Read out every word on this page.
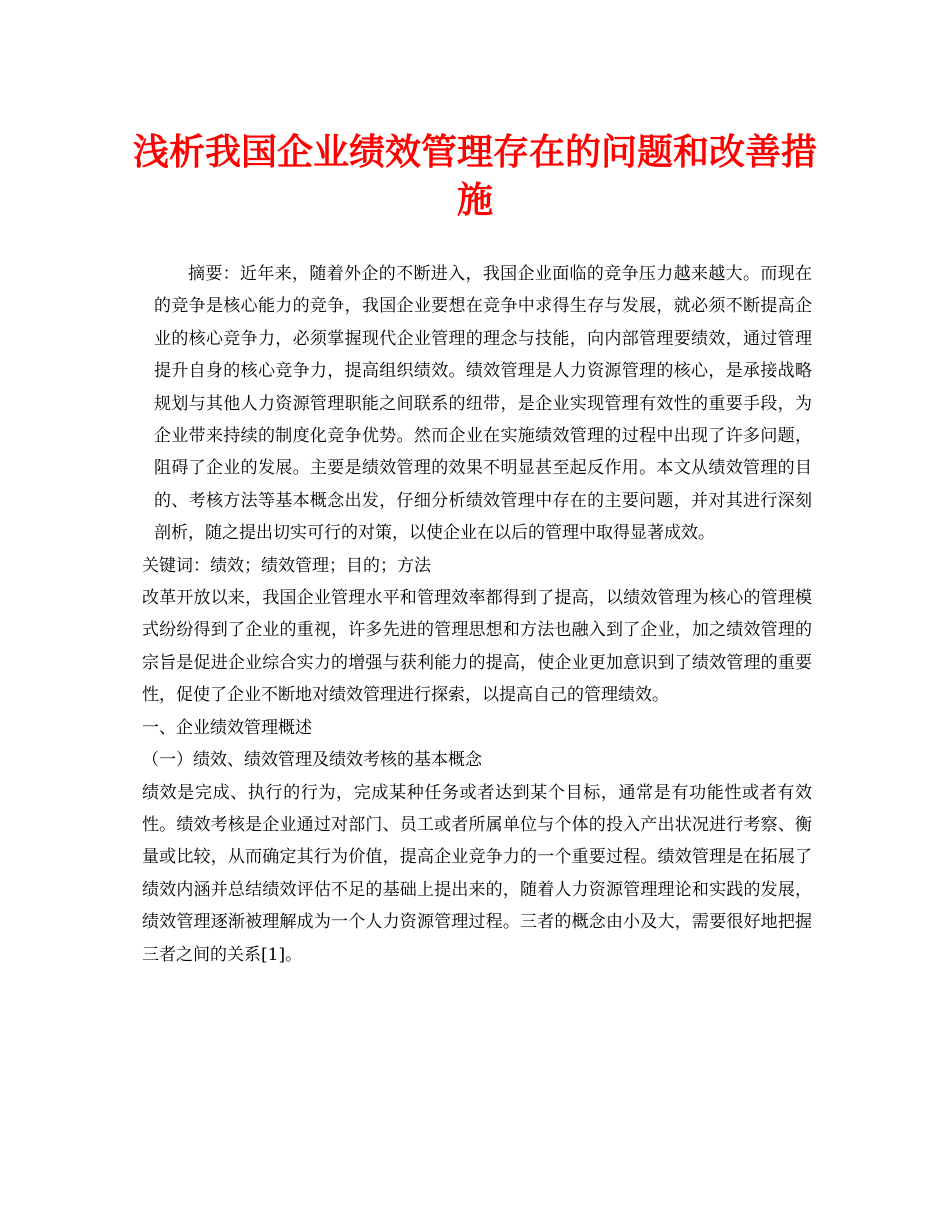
浅析我国企业绩效管理存在的问题和改善措
施

摘要：近年来，随着外企的不断进入，我国企业面临的竞争压力越来越大。而现在的竞争是核心能力的竞争，我国企业要想在竞争中求得生存与发展，就必须不断提高企业的核心竞争力，必须掌握现代企业管理的理念与技能，向内部管理要绩效，通过管理提升自身的核心竞争力，提高组织绩效。绩效管理是人力资源管理的核心，是承接战略规划与其他人力资源管理职能之间联系的纽带，是企业实现管理有效性的重要手段，为企业带来持续的制度化竞争优势。然而企业在实施绩效管理的过程中出现了许多问题，阻碍了企业的发展。主要是绩效管理的效果不明显甚至起反作用。本文从绩效管理的目的、考核方法等基本概念出发，仔细分析绩效管理中存在的主要问题，并对其进行深刻剖析，随之提出切实可行的对策，以使企业在以后的管理中取得显著成效。

关键词：绩效；绩效管理；目的；方法

改革开放以来，我国企业管理水平和管理效率都得到了提高，以绩效管理为核心的管理模式纷纷得到了企业的重视，许多先进的管理思想和方法也融入到了企业，加之绩效管理的宗旨是促进企业综合实力的增强与获利能力的提高，使企业更加意识到了绩效管理的重要性，促使了企业不断地对绩效管理进行探索，以提高自己的管理绩效。

一、企业绩效管理概述

（一）绩效、绩效管理及绩效考核的基本概念

绩效是完成、执行的行为，完成某种任务或者达到某个目标，通常是有功能性或者有效性。绩效考核是企业通过对部门、员工或者所属单位与个体的投入产出状况进行考察、衡量或比较，从而确定其行为价值，提高企业竞争力的一个重要过程。绩效管理是在拓展了绩效内涵并总结绩效评估不足的基础上提出来的，随着人力资源管理理论和实践的发展，绩效管理逐渐被理解成为一个人力资源管理过程。三者的概念由小及大，需要很好地把握三者之间的关系[1]。
